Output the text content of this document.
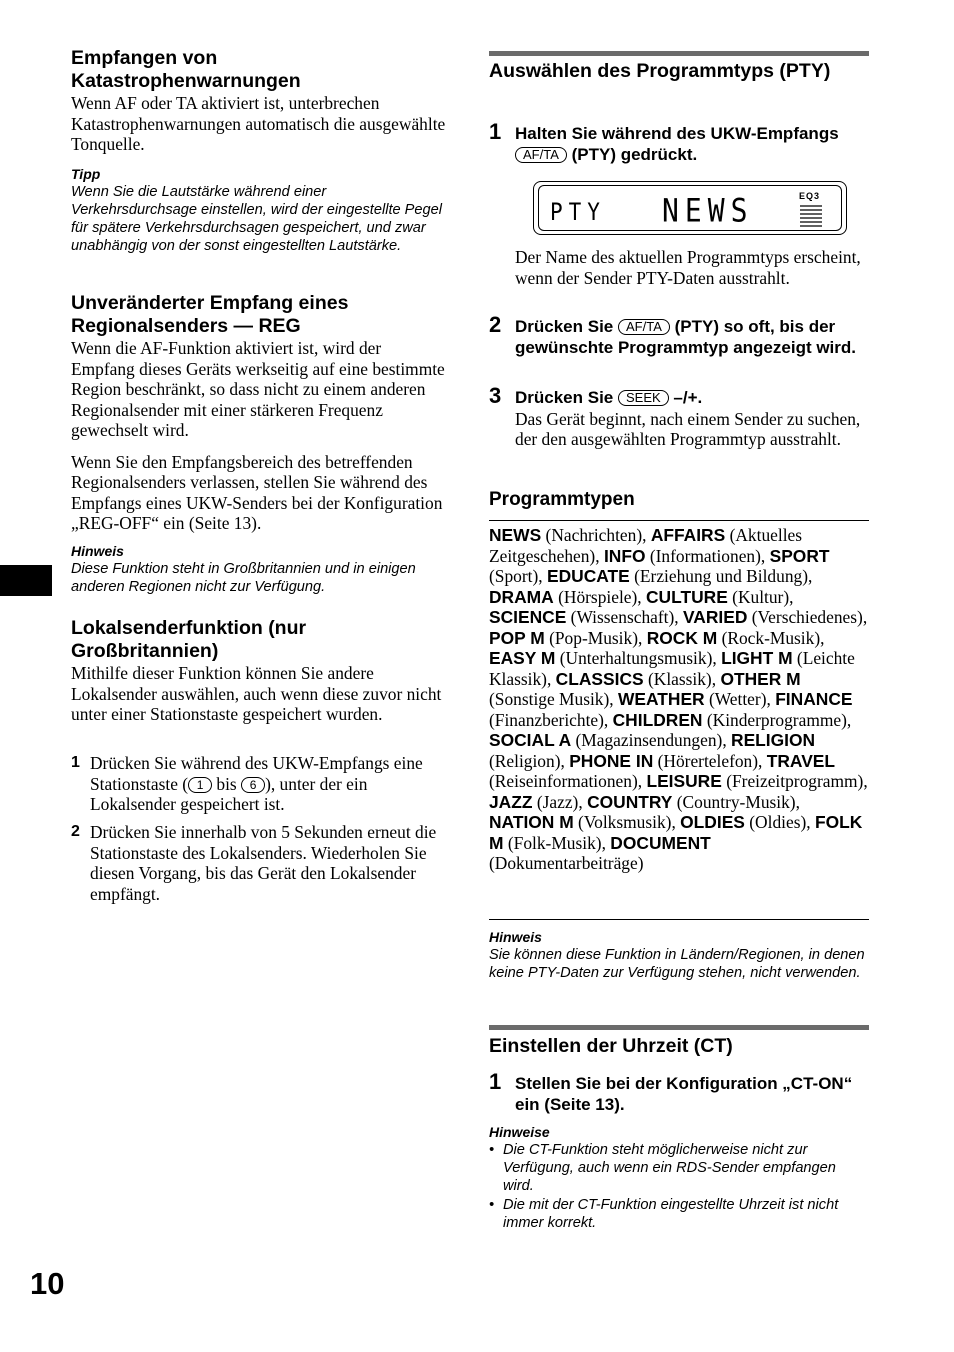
Empfangen von Katastrophenwarnungen

Wenn AF oder TA aktiviert ist, unterbrechen Katastrophenwarnungen automatisch die ausgewählte Tonquelle.

Tipp

Wenn Sie die Lautstärke während einer Verkehrsdurchsage einstellen, wird der eingestellte Pegel für spätere Verkehrsdurchsagen gespeichert, und zwar unabhängig von der sonst eingestellten Lautstärke.

Unveränderter Empfang eines Regionalsenders — REG

Wenn die AF-Funktion aktiviert ist, wird der Empfang dieses Geräts werkseitig auf eine bestimmte Region beschränkt, so dass nicht zu einem anderen Regionalsender mit einer stärkeren Frequenz gewechselt wird.

Wenn Sie den Empfangsbereich des betreffenden Regionalsenders verlassen, stellen Sie während des Empfangs eines UKW-Senders bei der Konfiguration „REG-OFF“ ein (Seite 13).

Hinweis

Diese Funktion steht in Großbritannien und in einigen anderen Regionen nicht zur Verfügung.

Lokalsenderfunktion (nur Großbritannien)

Mithilfe dieser Funktion können Sie andere Lokalsender auswählen, auch wenn diese zuvor nicht unter einer Stationstaste gespeichert wurden.

1 Drücken Sie während des UKW-Empfangs eine Stationstaste ( 1 bis 6 ), unter der ein Lokalsender gespeichert ist.
2 Drücken Sie innerhalb von 5 Sekunden erneut die Stationstaste des Lokalsenders. Wiederholen Sie diesen Vorgang, bis das Gerät den Lokalsender empfängt.

Auswählen des Programmtyps (PTY)

1 Halten Sie während des UKW-Empfangs AF/TA (PTY) gedrückt.
PTY NEWS	EQ3

Der Name des aktuellen Programmtyps erscheint, wenn der Sender PTY-Daten ausstrahlt.

2 Drücken Sie AF/TA (PTY) so oft, bis der gewünschte Programmtyp angezeigt wird.
3 Drücken Sie SEEK –/+.
Das Gerät beginnt, nach einem Sender zu suchen, der den ausgewählten Programmtyp ausstrahlt.

Programmtypen

NEWS (Nachrichten), AFFAIRS (Aktuelles Zeitgeschehen), INFO (Informationen), SPORT (Sport), EDUCATE (Erziehung und Bildung), DRAMA (Hörspiele), CULTURE (Kultur), SCIENCE (Wissenschaft), VARIED (Verschiedenes), POP M (Pop-Musik), ROCK M (Rock-Musik), EASY M (Unterhaltungsmusik), LIGHT M (Leichte Klassik), CLASSICS (Klassik), OTHER M (Sonstige Musik), WEATHER (Wetter), FINANCE (Finanzberichte), CHILDREN (Kinderprogramme), SOCIAL A (Magazinsendungen), RELIGION (Religion), PHONE IN (Hörertelefon), TRAVEL (Reiseinformationen), LEISURE (Freizeitprogramm), JAZZ (Jazz), COUNTRY (Country-Musik), NATION M (Volksmusik), OLDIES (Oldies), FOLK M (Folk-Musik), DOCUMENT (Dokumentarbeiträge)

Hinweis

Sie können diese Funktion in Ländern/Regionen, in denen keine PTY-Daten zur Verfügung stehen, nicht verwenden.

Einstellen der Uhrzeit (CT)

1 Stellen Sie bei der Konfiguration „CT-ON“ ein (Seite 13).

Hinweise

• Die CT-Funktion steht möglicherweise nicht zur Verfügung, auch wenn ein RDS-Sender empfangen wird.
• Die mit der CT-Funktion eingestellte Uhrzeit ist nicht immer korrekt.
10
